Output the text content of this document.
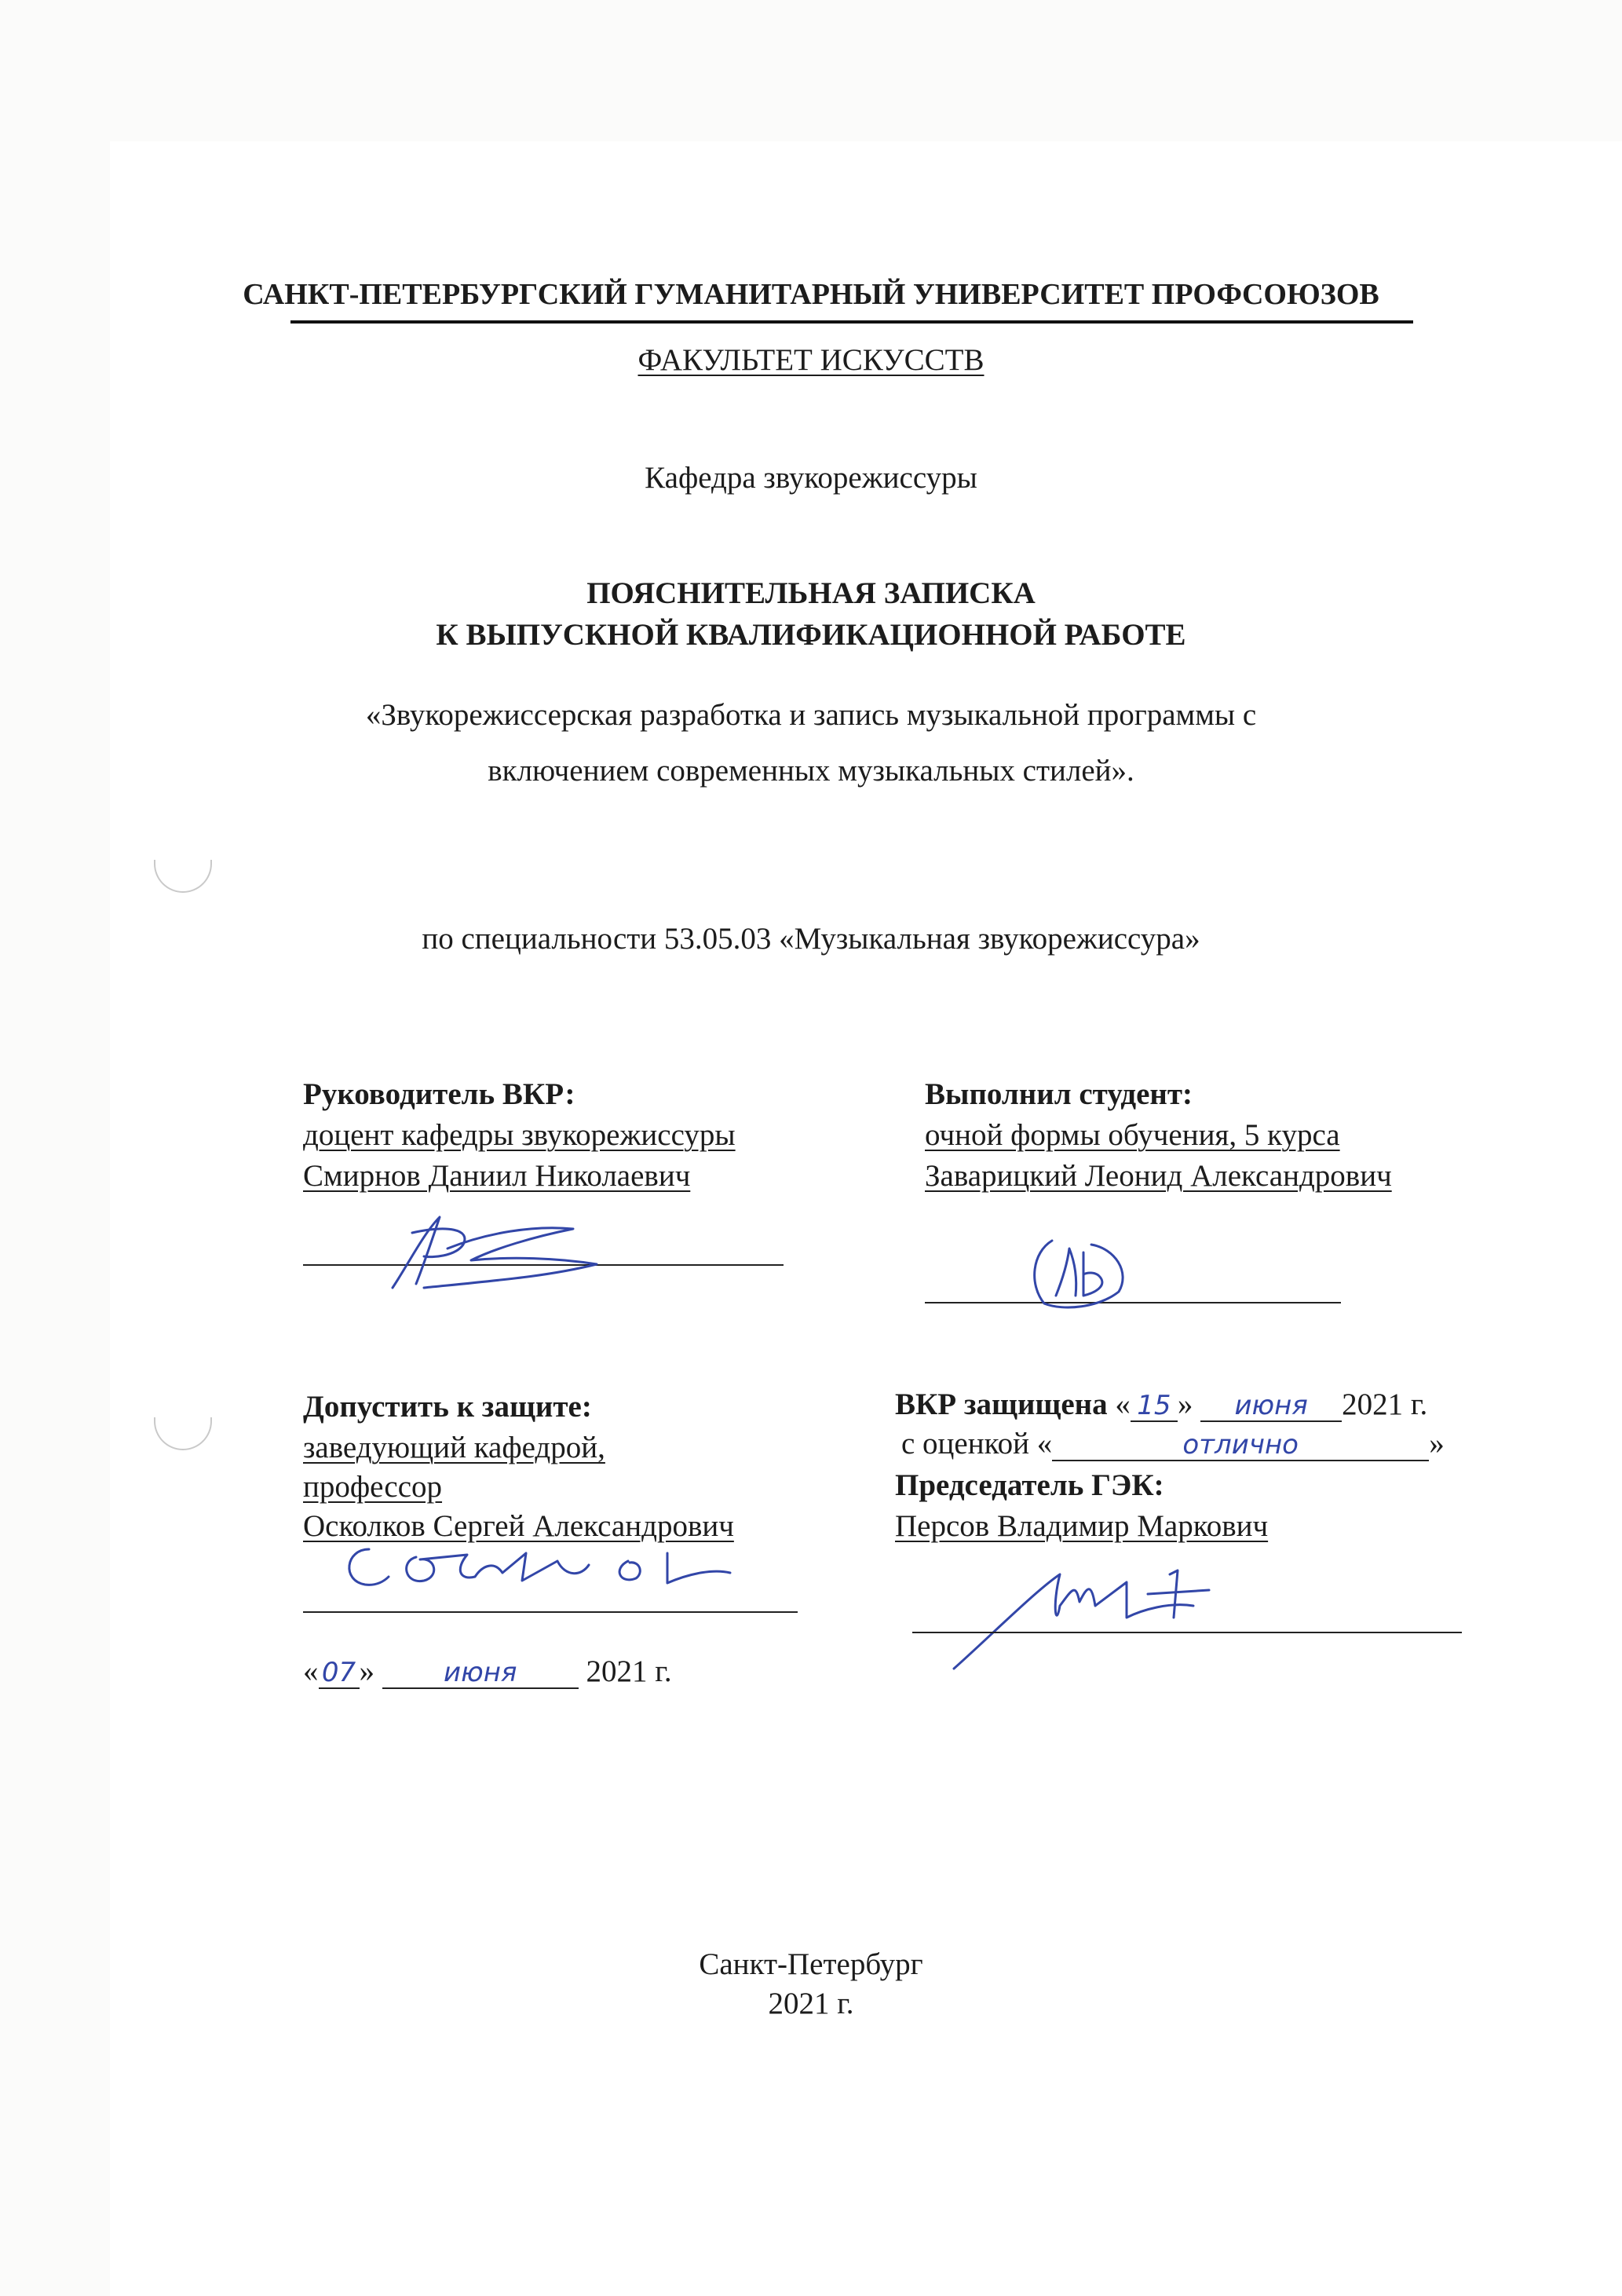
САНКТ-ПЕТЕРБУРГСКИЙ ГУМАНИТАРНЫЙ УНИВЕРСИТЕТ ПРОФСОЮЗОВ
ФАКУЛЬТЕТ ИСКУССТВ
Кафедра звукорежиссуры
ПОЯСНИТЕЛЬНАЯ ЗАПИСКА
К ВЫПУСКНОЙ КВАЛИФИКАЦИОННОЙ РАБОТЕ
«Звукорежиссерская разработка и запись музыкальной программы с
включением современных музыкальных стилей».
по специальности 53.05.03 «Музыкальная звукорежиссура»
Руководитель ВКР:
доцент кафедры звукорежиссуры
Смирнов Даниил Николаевич
Выполнил студент:
очной формы обучения, 5 курса
Заварицкий Леонид Александрович
Допустить к защите:
заведующий кафедрой,
профессор
Осколков Сергей Александрович
« 07 »	июня 2021 г.
ВКР защищена « 15 » июня 2021 г.
с оценкой «	отлично	»
Председатель ГЭК:
Персов Владимир Маркович
Санкт-Петербург
2021 г.
